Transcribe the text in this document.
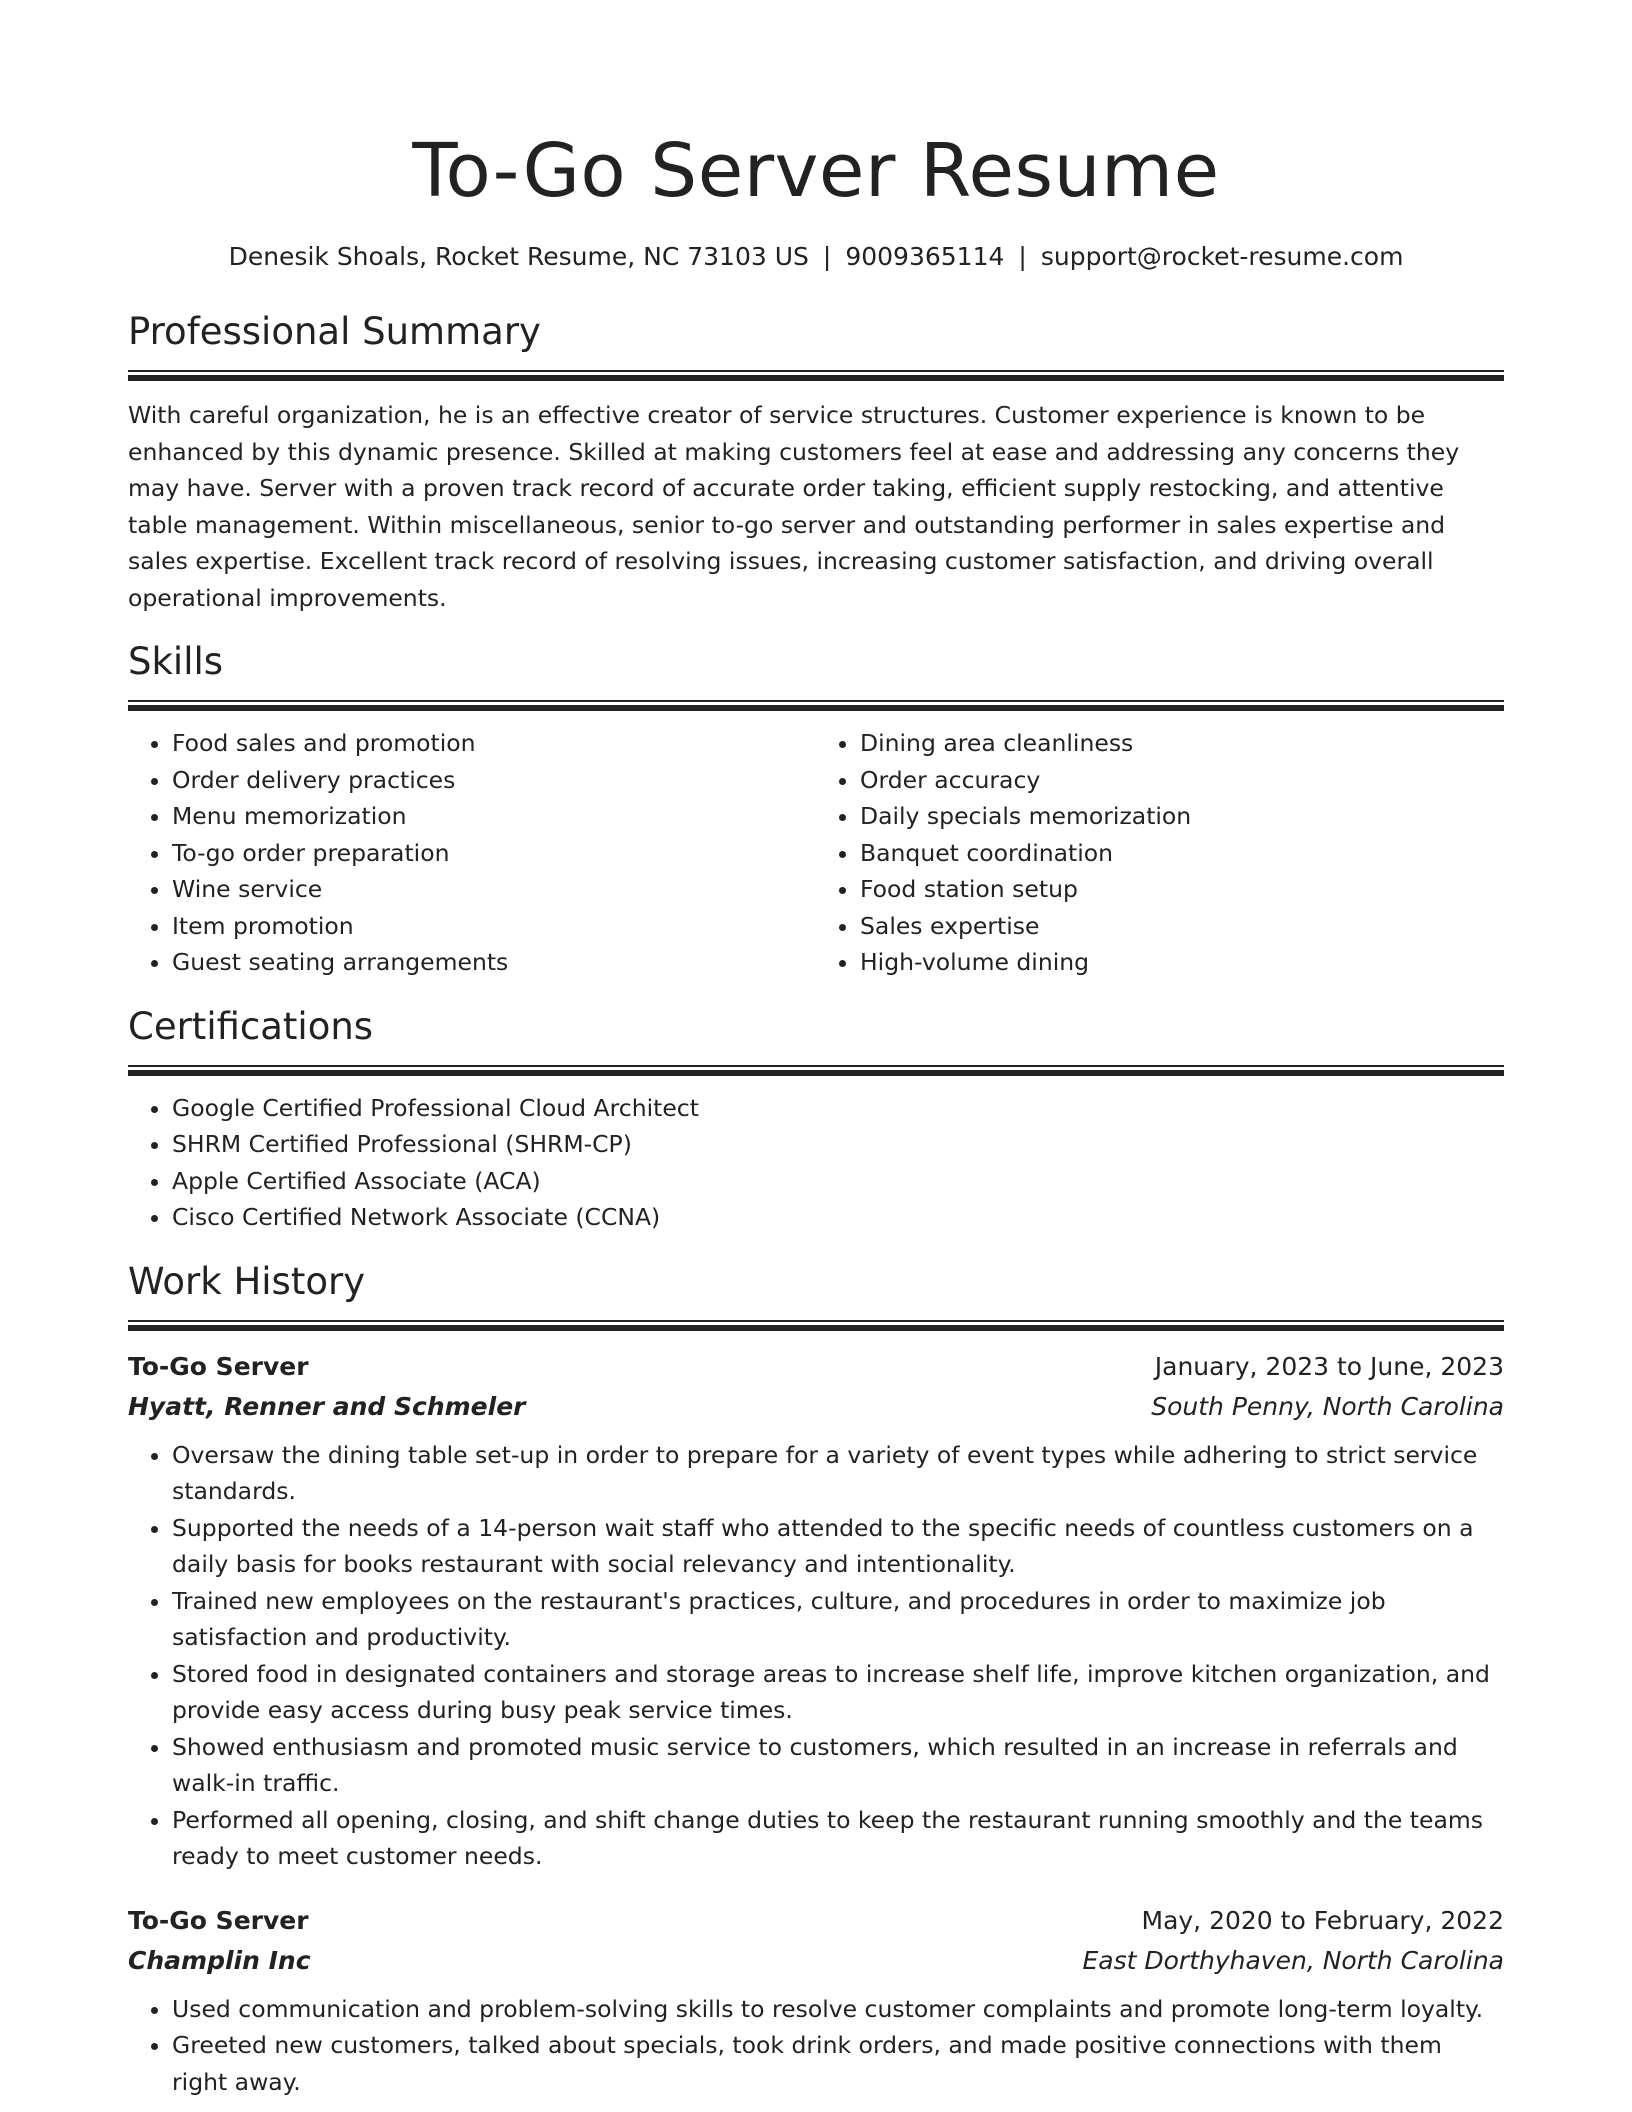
To-Go Server Resume
Denesik Shoals, Rocket Resume, NC 73103 US | 9009365114 | support@rocket-resume.com
Professional Summary

With careful organization, he is an effective creator of service structures. Customer experience is known to be enhanced by this dynamic presence. Skilled at making customers feel at ease and addressing any concerns they may have. Server with a proven track record of accurate order taking, efficient supply restocking, and attentive table management. Within miscellaneous, senior to-go server and outstanding performer in sales expertise and sales expertise. Excellent track record of resolving issues, increasing customer satisfaction, and driving overall operational improvements.

Skills
• Food sales and promotion
• Order delivery practices
• Menu memorization
• To-go order preparation
• Wine service
• Item promotion
• Guest seating arrangements
• Dining area cleanliness
• Order accuracy
• Daily specials memorization
• Banquet coordination
• Food station setup
• Sales expertise
• High-volume dining
Certifications
• Google Certified Professional Cloud Architect
• SHRM Certified Professional (SHRM-CP)
• Apple Certified Associate (ACA)
• Cisco Certified Network Associate (CCNA)
Work History
To-Go Server	January, 2023 to June, 2023
Hyatt, Renner and Schmeler	South Penny, North Carolina
• Oversaw the dining table set-up in order to prepare for a variety of event types while adhering to strict service standards.
• Supported the needs of a 14-person wait staff who attended to the specific needs of countless customers on a daily basis for books restaurant with social relevancy and intentionality.
• Trained new employees on the restaurant's practices, culture, and procedures in order to maximize job satisfaction and productivity.
• Stored food in designated containers and storage areas to increase shelf life, improve kitchen organization, and provide easy access during busy peak service times.
• Showed enthusiasm and promoted music service to customers, which resulted in an increase in referrals and walk-in traffic.
• Performed all opening, closing, and shift change duties to keep the restaurant running smoothly and the teams ready to meet customer needs.
To-Go Server	May, 2020 to February, 2022
Champlin Inc	East Dorthyhaven, North Carolina
• Used communication and problem-solving skills to resolve customer complaints and promote long-term loyalty.
• Greeted new customers, talked about specials, took drink orders, and made positive connections with them right away.
